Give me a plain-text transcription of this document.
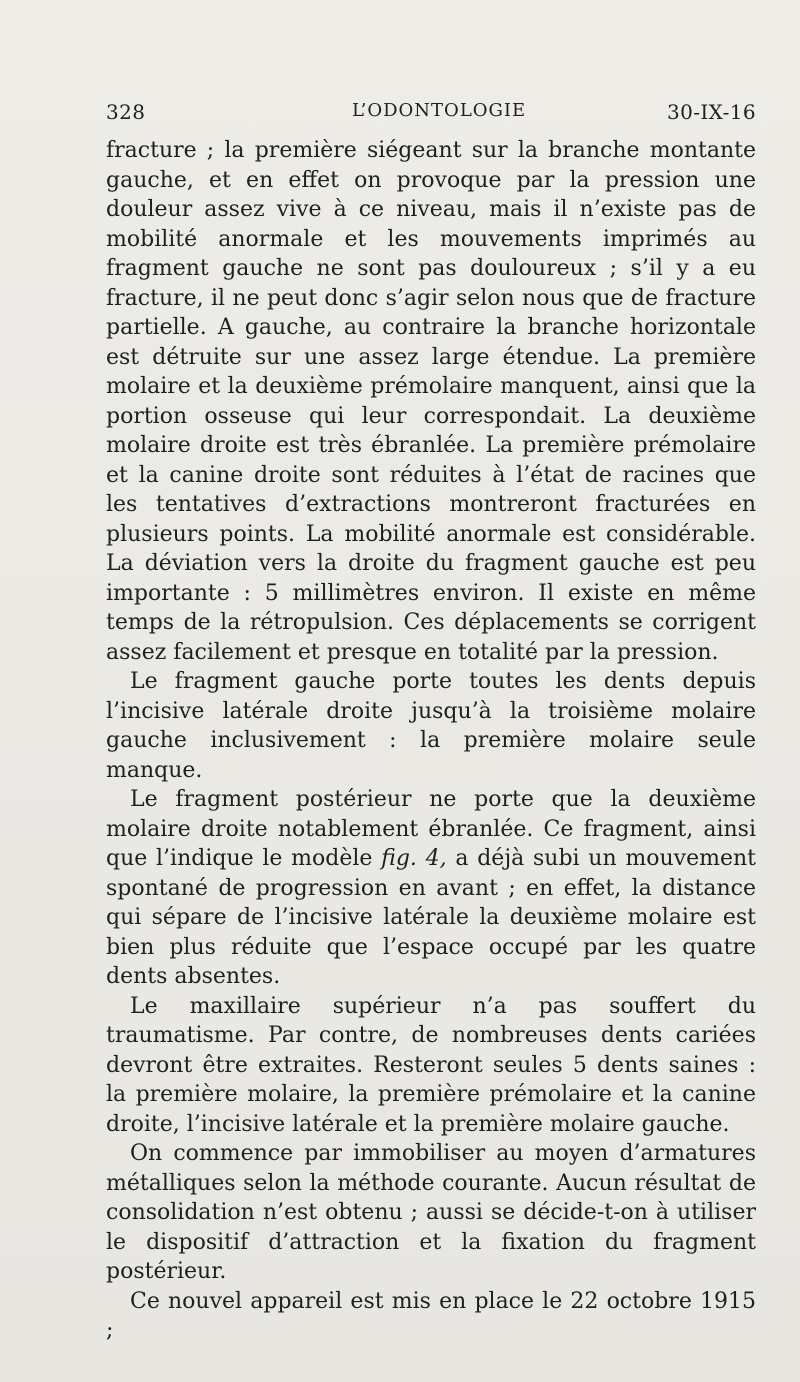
328	L’ODONTOLOGIE	30-IX-16

fracture ; la première siégeant sur la branche montante gauche, et en effet on provoque par la pression une douleur assez vive à ce niveau, mais il n’existe pas de mobilité anormale et les mouvements imprimés au fragment gauche ne sont pas douloureux ; s’il y a eu fracture, il ne peut donc s’agir selon nous que de fracture partielle. A gauche, au contraire la branche horizontale est détruite sur une assez large étendue. La première molaire et la deuxième prémolaire manquent, ainsi que la portion osseuse qui leur correspondait. La deuxième molaire droite est très ébranlée. La première prémolaire et la canine droite sont réduites à l’état de racines que les tentatives d’extractions montreront fracturées en plusieurs points. La mobilité anormale est considérable. La déviation vers la droite du fragment gauche est peu importante : 5 millimètres environ. Il existe en même temps de la rétropulsion. Ces déplacements se corrigent assez facilement et presque en totalité par la pression.

Le fragment gauche porte toutes les dents depuis l’incisive latérale droite jusqu’à la troisième molaire gauche inclusivement : la première molaire seule manque.

Le fragment postérieur ne porte que la deuxième molaire droite notablement ébranlée. Ce fragment, ainsi que l’indique le modèle fig. 4, a déjà subi un mouvement spontané de progression en avant ; en effet, la distance qui sépare de l’incisive latérale la deuxième molaire est bien plus réduite que l’espace occupé par les quatre dents absentes.

Le maxillaire supérieur n’a pas souffert du traumatisme. Par contre, de nombreuses dents cariées devront être extraites. Resteront seules 5 dents saines : la première molaire, la première prémolaire et la canine droite, l’incisive latérale et la première molaire gauche.

On commence par immobiliser au moyen d’armatures métalliques selon la méthode courante. Aucun résultat de consolidation n’est obtenu ; aussi se décide-t-on à utiliser le dispositif d’attraction et la fixation du fragment postérieur.

Ce nouvel appareil est mis en place le 22 octobre 1915 ;
